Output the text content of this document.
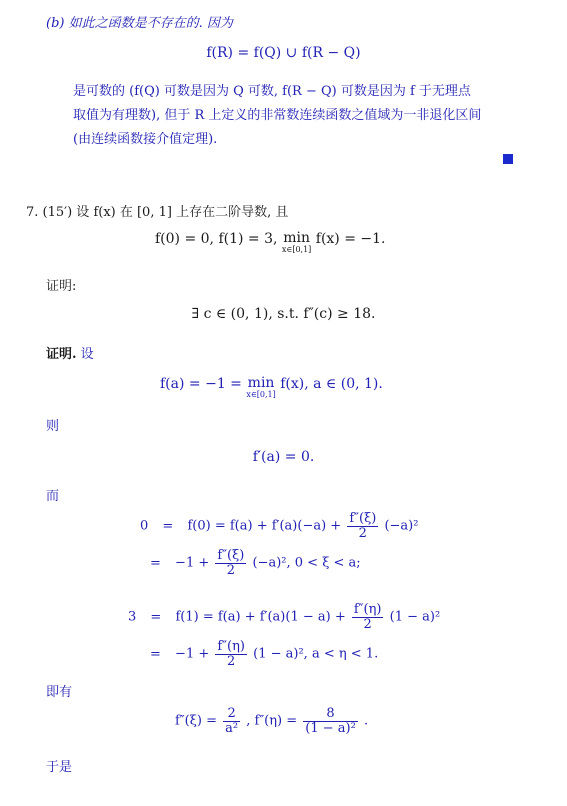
(b) 如此之函数是不存在的. 因为
f(R) = f(Q) ∪ f(R − Q)
是可数的 (f(Q) 可数是因为 Q 可数, f(R − Q) 可数是因为 f 于无理点
取值为有理数), 但于 R 上定义的非常数连续函数之值域为一非退化区间
(由连续函数接介值定理).
7. (15′) 设 f(x) 在 [0, 1] 上存在二阶导数, 且
f(0) = 0, f(1) = 3, min
x∈[0,1]
f(x) = −1.
证明:
∃ c ∈ (0, 1), s.t. f″(c) ≥ 18.
证明. 设
f(a) = −1 = min
x∈[0,1]
f(x), a ∈ (0, 1).
则
f′(a) = 0.
而
$0 = f(0) = f(a) + f'(a)(-a) + \frac{f''(\xi)}{2} (-a)^2$
= $-1 + \frac{f''(\xi)}{2} (-a)^2$, 0 < ξ < a;
$3 = f(1) = f(a) + f'(a)(1 - a) + \frac{f''(\eta)}{2} (1 - a)^2$
= $-1 + \frac{f''(\eta)}{2} (1 - a)^2$, a < η < 1.
即有
$f''(\xi) = \frac{2}{\text{a²}}$ , $f''(\eta) = \frac{8}{\text{(1 − a)²}}$ .
于是
